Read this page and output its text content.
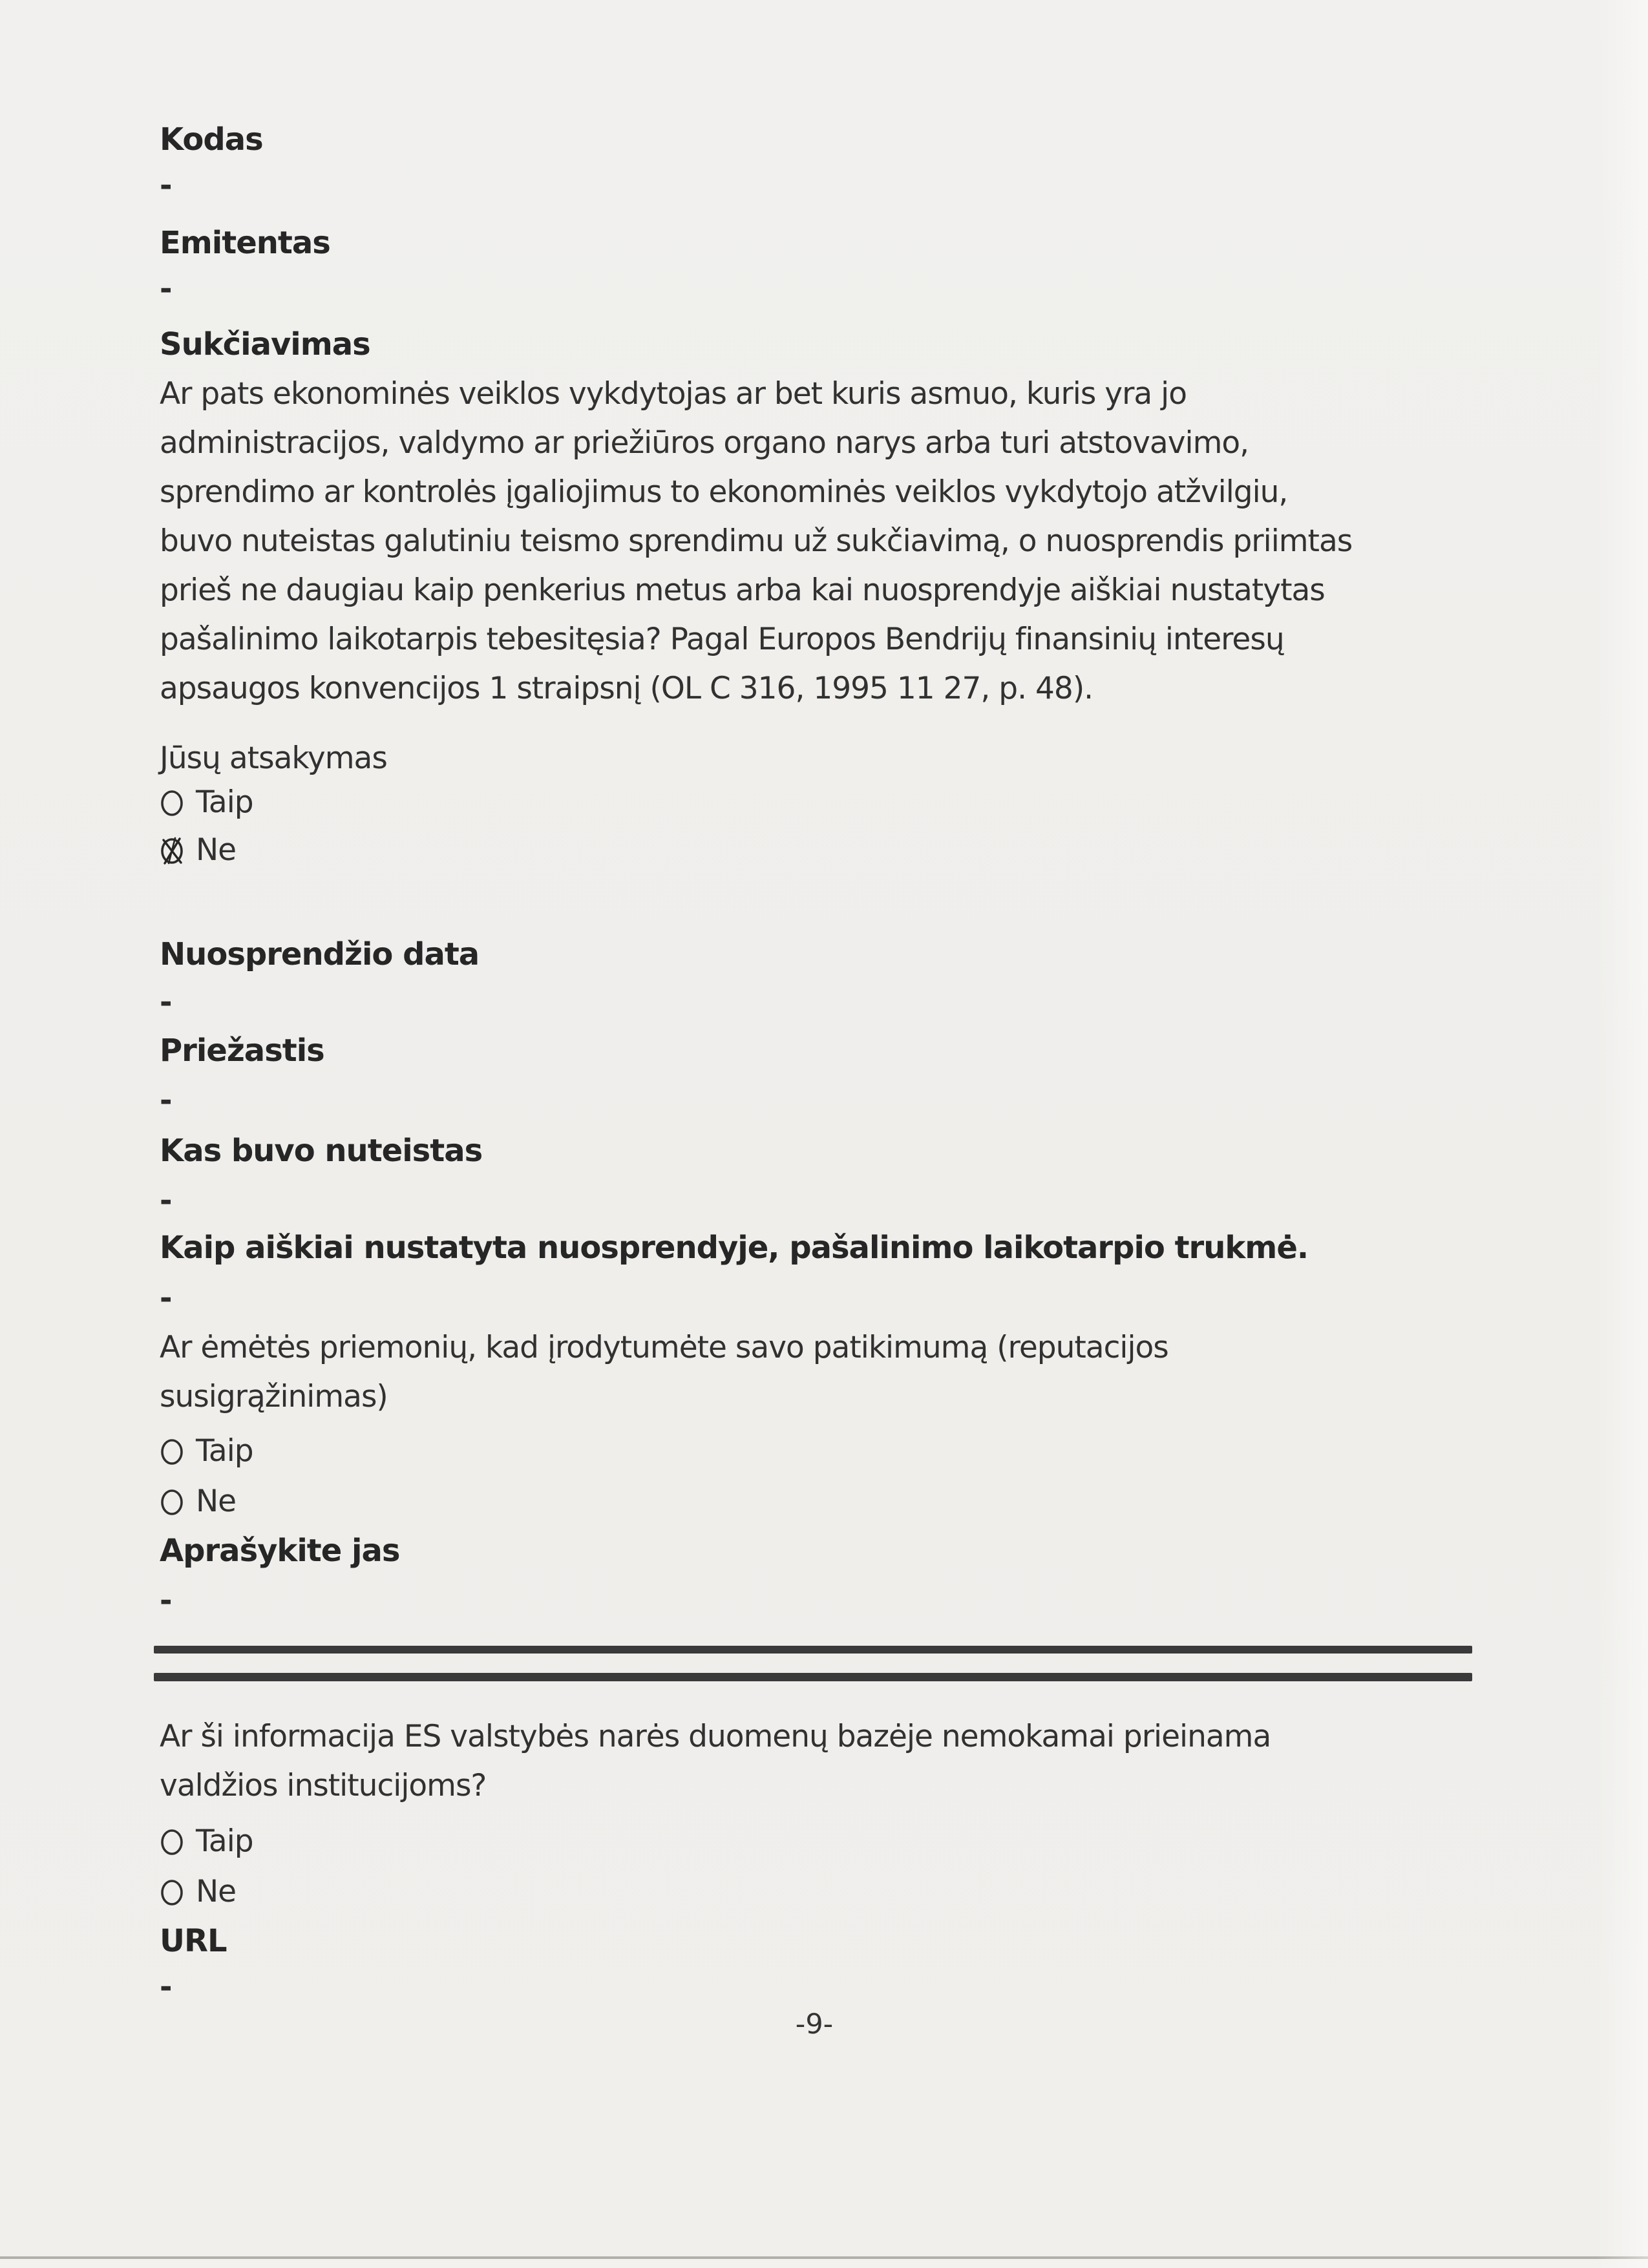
Kodas
-
Emitentas
-
Sukčiavimas
Ar pats ekonominės veiklos vykdytojas ar bet kuris asmuo, kuris yra jo
administracijos, valdymo ar priežiūros organo narys arba turi atstovavimo,
sprendimo ar kontrolės įgaliojimus to ekonominės veiklos vykdytojo atžvilgiu,
buvo nuteistas galutiniu teismo sprendimu už sukčiavimą, o nuosprendis priimtas
prieš ne daugiau kaip penkerius metus arba kai nuosprendyje aiškiai nustatytas
pašalinimo laikotarpis tebesitęsia? Pagal Europos Bendrijų finansinių interesų
apsaugos konvencijos 1 straipsnį (OL C 316, 1995 11 27, p. 48).
Jūsų atsakymas
Taip
Ne
Nuosprendžio data
-
Priežastis
-
Kas buvo nuteistas
-
Kaip aiškiai nustatyta nuosprendyje, pašalinimo laikotarpio trukmė.
-
Ar ėmėtės priemonių, kad įrodytumėte savo patikimumą (reputacijos
susigrąžinimas)
Taip
Ne
Aprašykite jas
-
Ar ši informacija ES valstybės narės duomenų bazėje nemokamai prieinama
valdžios institucijoms?
Taip
Ne
URL
-
-9-
